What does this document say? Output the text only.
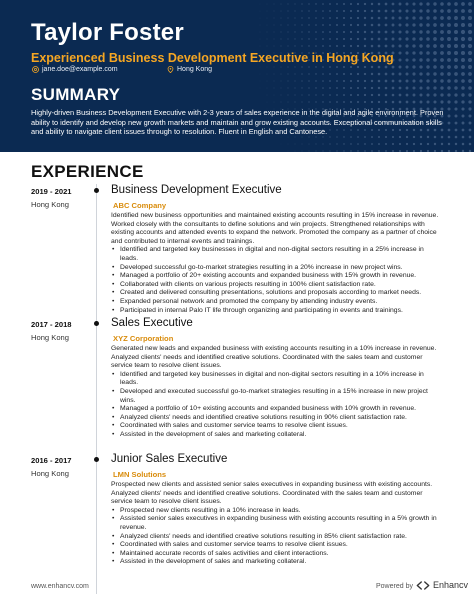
Taylor Foster
Experienced Business Development Executive in Hong Kong
jane.doe@example.com	Hong Kong
SUMMARY
Highly-driven Business Development Executive with 2-3 years of sales experience in the digital and agile environment. Proven ability to identify and develop new growth markets and maintain and grow existing accounts. Exceptional communication skills and ability to navigate client issues through to resolution. Fluent in English and Cantonese.
EXPERIENCE
2019 - 2021
Hong Kong
Business Development Executive
ABC Company
Identified new business opportunities and maintained existing accounts resulting in 15% increase in revenue. Worked closely with the consultants to define solutions and win projects. Strengthened relationships with existing accounts and attended events to expand the network. Promoted the company as a partner of choice and contributed to internal events and trainings.
• Identified and targeted key businesses in digital and non-digital sectors resulting in a 25% increase in leads.
• Developed successful go-to-market strategies resulting in a 20% increase in new project wins.
• Managed a portfolio of 20+ existing accounts and expanded business with 15% growth in revenue.
• Collaborated with clients on various projects resulting in 100% client satisfaction rate.
• Created and delivered consulting presentations, solutions and proposals according to market needs.
• Expanded personal network and promoted the company by attending industry events.
• Participated in internal Palo IT life through organizing and participating in events and trainings.
2017 - 2018
Hong Kong
Sales Executive
XYZ Corporation
Generated new leads and expanded business with existing accounts resulting in a 10% increase in revenue. Analyzed clients' needs and identified creative solutions. Coordinated with the sales team and customer service team to resolve client issues.
• Identified and targeted key businesses in digital and non-digital sectors resulting in a 10% increase in leads.
• Developed and executed successful go-to-market strategies resulting in a 15% increase in new project wins.
• Managed a portfolio of 10+ existing accounts and expanded business with 10% growth in revenue.
• Analyzed clients' needs and identified creative solutions resulting in 90% client satisfaction rate.
• Coordinated with sales and customer service teams to resolve client issues.
• Assisted in the development of sales and marketing collateral.
2016 - 2017
Hong Kong
Junior Sales Executive
LMN Solutions
Prospected new clients and assisted senior sales executives in expanding business with existing accounts. Analyzed clients' needs and identified creative solutions. Coordinated with the sales team and customer service team to resolve client issues.
• Prospected new clients resulting in a 10% increase in leads.
• Assisted senior sales executives in expanding business with existing accounts resulting in a 5% growth in revenue.
• Analyzed clients' needs and identified creative solutions resulting in 85% client satisfaction rate.
• Coordinated with sales and customer service teams to resolve client issues.
• Maintained accurate records of sales activities and client interactions.
• Assisted in the development of sales and marketing collateral.
www.enhancv.com	Powered by Enhancv
